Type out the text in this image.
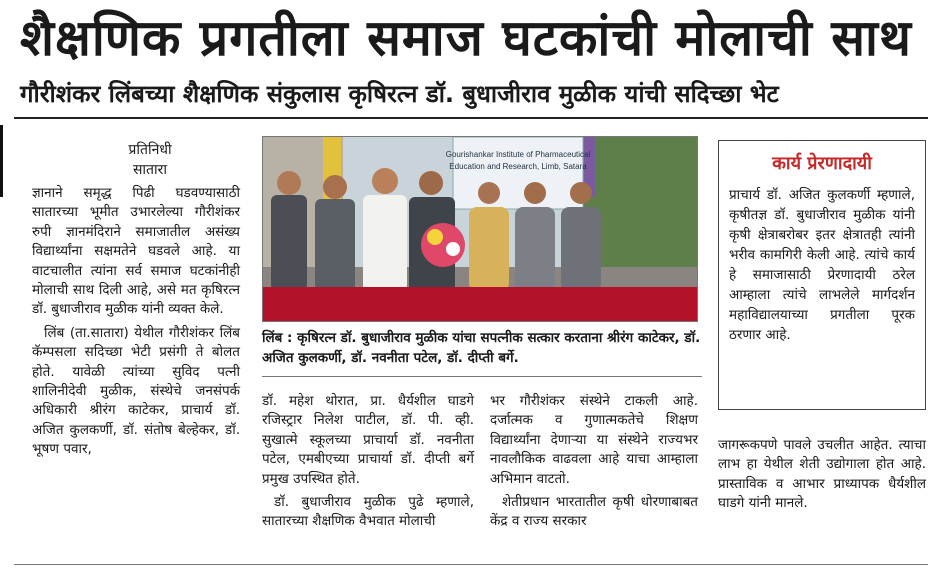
शैक्षणिक प्रगतीला समाज घटकांची मोलाची साथ
गौरीशंकर लिंबच्या शैक्षणिक संकुलास कृषिरत्न डॉ. बुधाजीराव मुळीक यांची सदिच्छा भेट
प्रतिनिधी
सातारा

ज्ञानाने समृद्ध पिढी घडवण्यासाठी सातारच्या भूमीत उभारलेल्या गौरीशंकर रुपी ज्ञानमंदिराने समाजातील असंख्य विद्यार्थ्यांना सक्षमतेने घडवले आहे. या वाटचालीत त्यांना सर्व समाज घटकांनीही मोलाची साथ दिली आहे, असे मत कृषिरत्न डॉ. बुधाजीराव मुळीक यांनी व्यक्त केले.

लिंब (ता.सातारा) येथील गौरीशंकर लिंब कॅम्पसला सदिच्छा भेटी प्रसंगी ते बोलत होते. यावेळी त्यांच्या सुविद पत्नी शालिनीदेवी मुळीक, संस्थेचे जनसंपर्क अधिकारी श्रीरंग काटेकर, प्राचार्य डॉ. अजित कुलकर्णी, डॉ. संतोष बेल्हेकर, डॉ. भूषण पवार,

Gourishankar Institute of Pharmaceutical
Education and Research, Limb, Satara
लिंब : कृषिरत्न डॉ. बुधाजीराव मुळीक यांचा सपत्नीक सत्कार करताना श्रीरंग काटेकर, डॉ. अजित कुलकर्णी, डॉ. नवनीता पटेल, डॉ. दीप्ती बर्गे.

डॉ. महेश थोरात, प्रा. धैर्यशील घाडगे रजिस्ट्रार निलेश पाटील, डॉ. पी. व्ही. सुखात्मे स्कूलच्या प्राचार्या डॉ. नवनीता पटेल, एमबीएच्या प्राचार्या डॉ. दीप्ती बर्गे प्रमुख उपस्थित होते.

डॉ. बुधाजीराव मुळीक पुढे म्हणाले, सातारच्या शैक्षणिक वैभवात मोलाची

भर गौरीशंकर संस्थेने टाकली आहे. दर्जात्मक व गुणात्मकतेचे शिक्षण विद्यार्थ्यांना देणाऱ्या या संस्थेने राज्यभर नावलौकिक वाढवला आहे याचा आम्हाला अभिमान वाटतो.

शेतीप्रधान भारतातील कृषी धोरणाबाबत केंद्र व राज्य सरकार

कार्य प्रेरणादायी

प्राचार्य डॉ. अजित कुलकर्णी म्हणाले, कृषीतज्ञ डॉ. बुधाजीराव मुळीक यांनी कृषी क्षेत्राबरोबर इतर क्षेत्रातही त्यांनी भरीव कामगिरी केली आहे. त्यांचे कार्य हे समाजासाठी प्रेरणादायी ठरेल आम्हाला त्यांचे लाभलेले मार्गदर्शन महाविद्यालयाच्या प्रगतीला पूरक ठरणार आहे.

जागरूकपणे पावले उचलीत आहेत. त्याचा लाभ हा येथील शेती उद्योगाला होत आहे. प्रास्ताविक व आभार प्राध्यापक धैर्यशील घाडगे यांनी मानले.
